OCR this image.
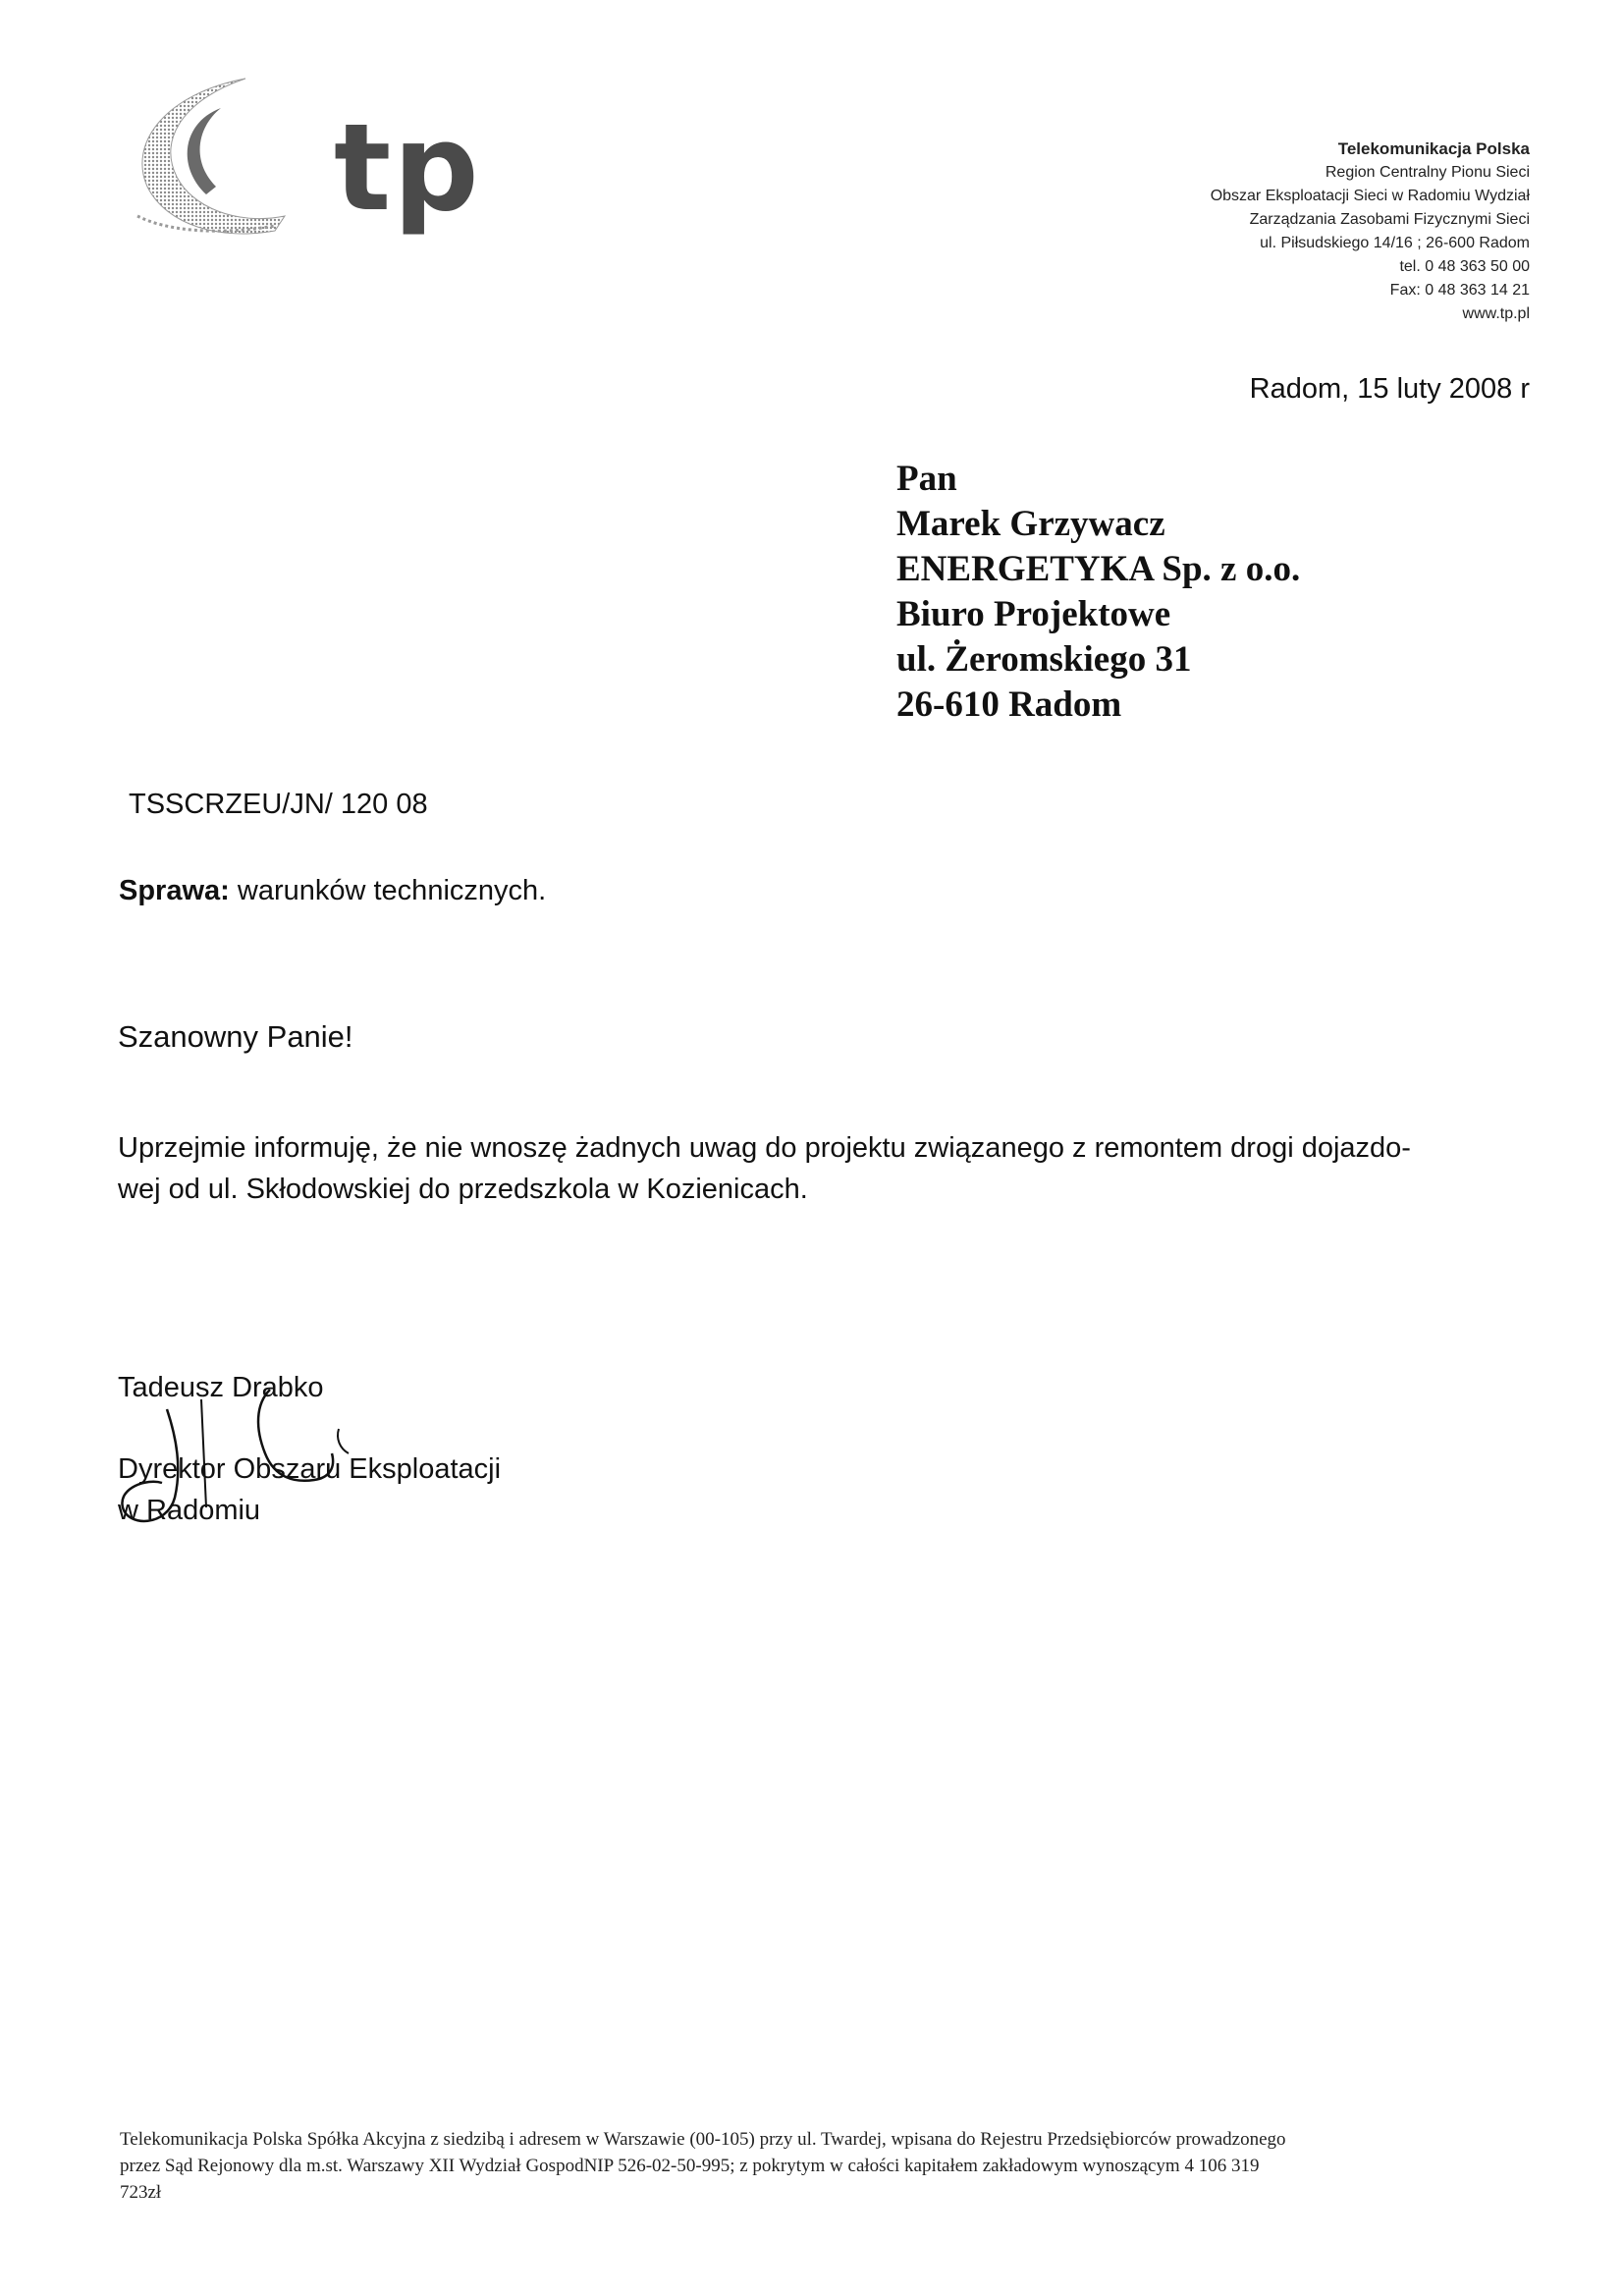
tp	Telekomunikacja Polska
Region Centralny Pionu Sieci
Obszar Eksploatacji Sieci w Radomiu Wydział
Zarządzania Zasobami Fizycznymi Sieci
ul. Piłsudskiego 14/16 ; 26-600 Radom
tel. 0 48 363 50 00
Fax: 0 48 363 14 21
www.tp.pl
Radom, 15 luty 2008 r
Pan
Marek Grzywacz
ENERGETYKA Sp. z o.o.
Biuro Projektowe
ul. Żeromskiego 31
26-610 Radom
TSSCRZEU/JN/ 120 08
Sprawa: warunków technicznych.
Szanowny Panie!
Uprzejmie informuję, że nie wnoszę żadnych uwag do projektu związanego z remontem drogi dojazdo-
wej od ul. Skłodowskiej do przedszkola w Kozienicach.
Tadeusz Drabko
Dyrektor Obszaru Eksploatacji
w Radomiu
Telekomunikacja Polska Spółka Akcyjna z siedzibą i adresem w Warszawie (00-105) przy ul. Twardej, wpisana do Rejestru Przedsiębiorców prowadzonego
przez Sąd Rejonowy dla m.st. Warszawy XII Wydział GospodNIP 526-02-50-995; z pokrytym w całości kapitałem zakładowym wynoszącym 4 106 319
723zł
